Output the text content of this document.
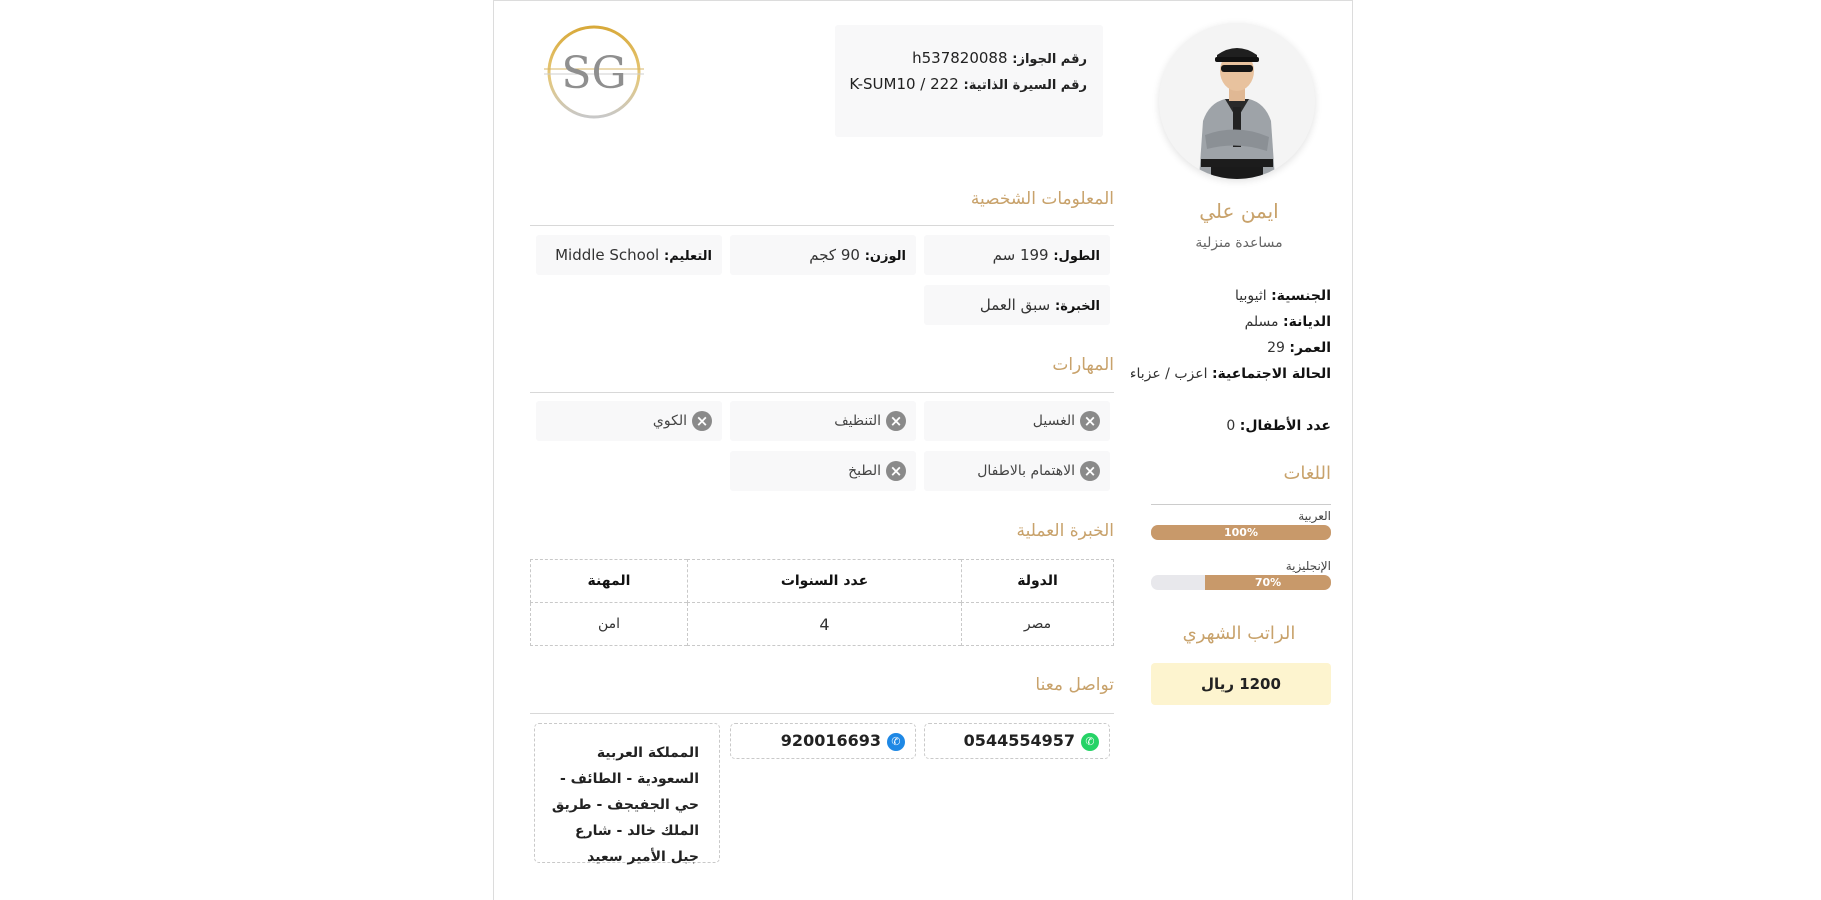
ايمن علي
مساعدة منزلية
الجنسية: اثيوبيا
الديانة: مسلم
العمر: 29
الحالة الاجتماعية: اعزب / عزباء
عدد الأطفال: 0
اللغات
العربية
100%
الإنجليزية
70%
الراتب الشهري
1200 ريال
رقم الجواز: h537820088
رقم السيرة الذاتية: K-SUM10 / 222
SG
المعلومات الشخصية
الطول: 199 سم
الوزن: 90 كجم
التعليم: Middle School
الخبرة: سبق العمل
المهارات
×الغسيل
×التنظيف
×الكوي
×الاهتمام بالاطفال
×الطبخ
الخبرة العملية
الدولة	عدد السنوات	المهنة
مصر	4	امن
تواصل معنا
✆0544554957
✆920016693
المملكة العربية السعودية - الطائف - حي الجفيجف - طريق الملك خالد - شارع جبل الأمير سعيد
